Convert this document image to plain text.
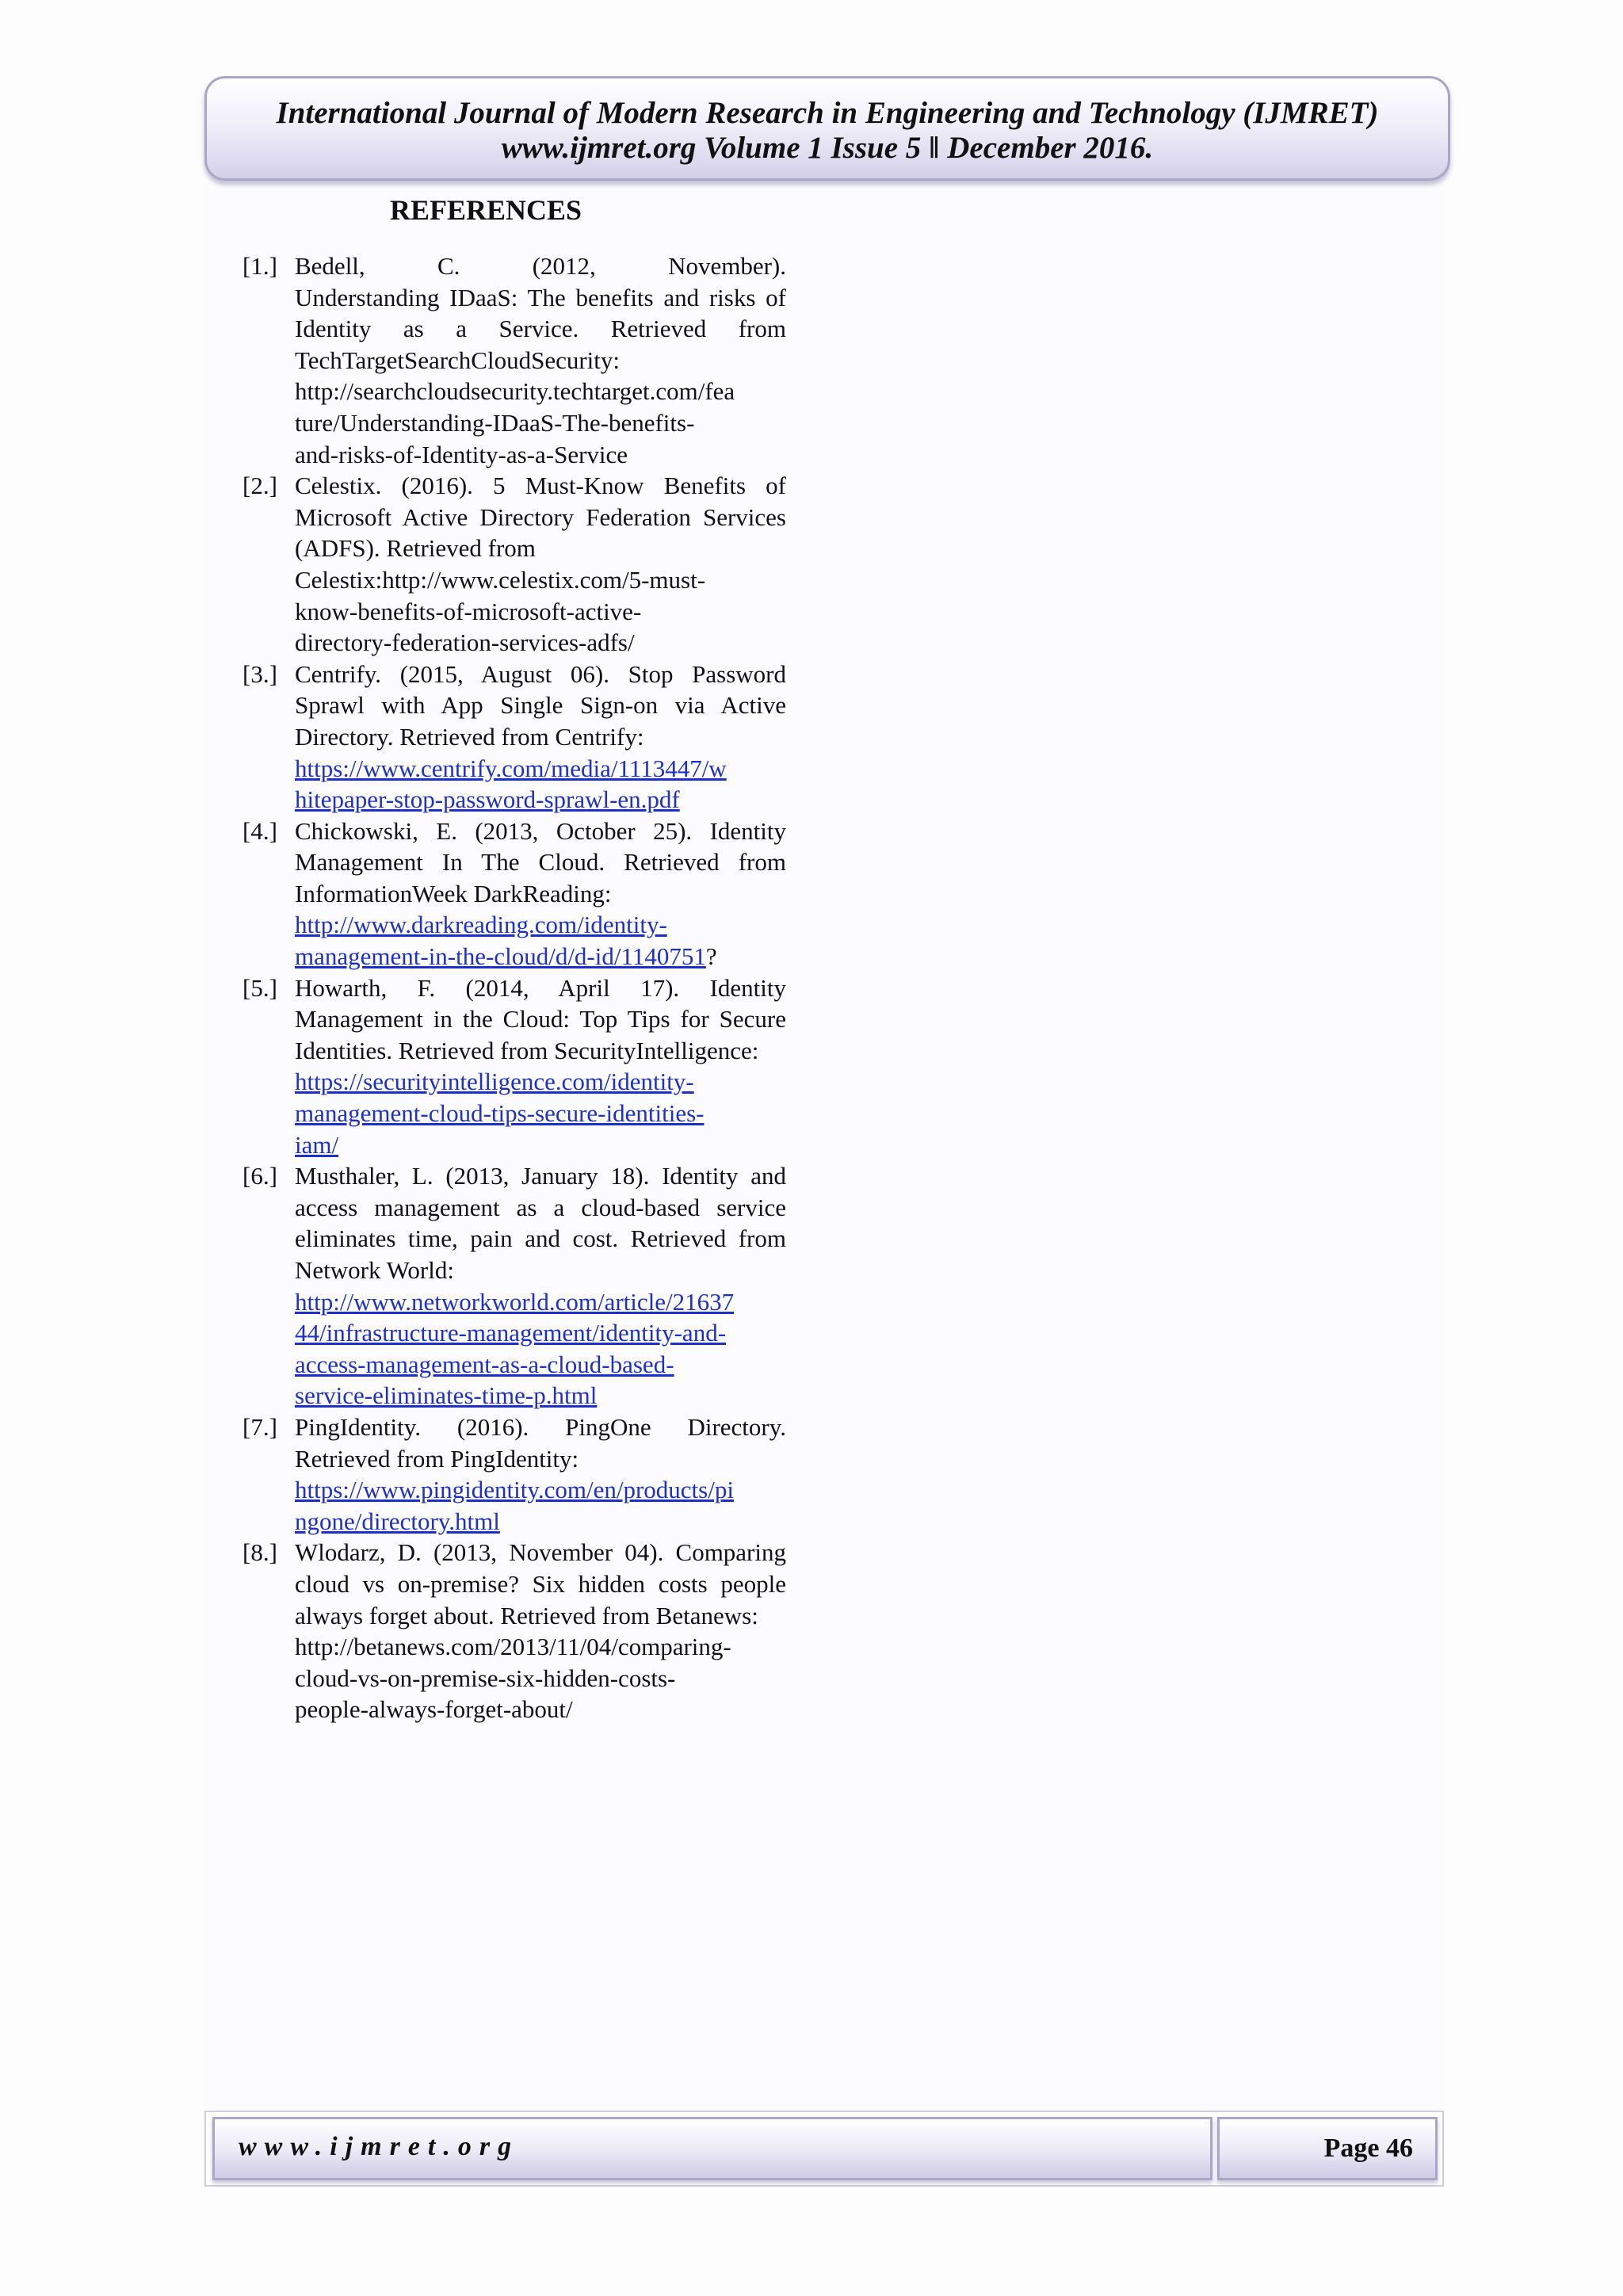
International Journal of Modern Research in Engineering and Technology (IJMRET)
www.ijmret.org Volume 1 Issue 5 ǁ December 2016.
REFERENCES
[1.] Bedell,	C.	(2012,	November).
Understanding IDaaS: The benefits and risks of Identity as a Service. Retrieved from TechTargetSearchCloudSecurity:
http://searchcloudsecurity.techtarget.com/fea
ture/Understanding-IDaaS-The-benefits-
and-risks-of-Identity-as-a-Service
[2.] Celestix. (2016). 5 Must-Know Benefits of Microsoft Active Directory Federation Services (ADFS). Retrieved from
Celestix:http://www.celestix.com/5-must-
know-benefits-of-microsoft-active-
directory-federation-services-adfs/
[3.] Centrify. (2015, August 06). Stop Password Sprawl with App Single Sign-on via Active Directory. Retrieved from Centrify:
https://www.centrify.com/media/1113447/w
hitepaper-stop-password-sprawl-en.pdf
[4.] Chickowski, E. (2013, October 25). Identity Management In The Cloud. Retrieved from InformationWeek DarkReading:
http://www.darkreading.com/identity-
management-in-the-cloud/d/d-id/1140751?
[5.] Howarth, F. (2014, April 17). Identity Management in the Cloud: Top Tips for Secure Identities. Retrieved from SecurityIntelligence:
https://securityintelligence.com/identity-
management-cloud-tips-secure-identities-
iam/
[6.] Musthaler, L. (2013, January 18). Identity and access management as a cloud-based service eliminates time, pain and cost. Retrieved from Network World:
http://www.networkworld.com/article/21637
44/infrastructure-management/identity-and-
access-management-as-a-cloud-based-
service-eliminates-time-p.html
[7.] PingIdentity. (2016). PingOne Directory. Retrieved from PingIdentity:
https://www.pingidentity.com/en/products/pi
ngone/directory.html
[8.] Wlodarz, D. (2013, November 04). Comparing cloud vs on-premise? Six hidden costs people always forget about. Retrieved from Betanews:
http://betanews.com/2013/11/04/comparing-
cloud-vs-on-premise-six-hidden-costs-
people-always-forget-about/
www.ijmret.org	Page 46
